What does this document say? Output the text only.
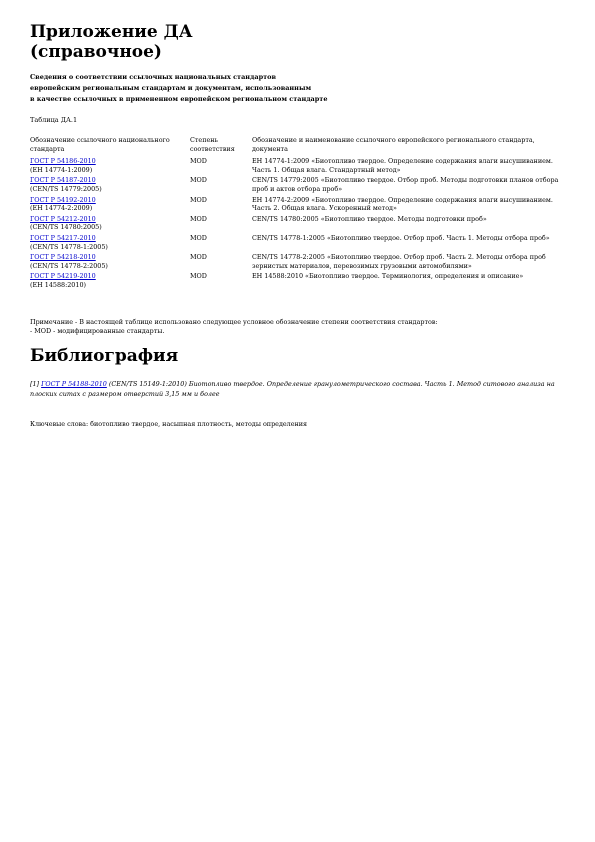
Приложение ДА
(справочное)
Сведения о соответствии ссылочных национальных стандартов
европейским региональным стандартам и документам, использованным
в качестве ссылочных в примененном европейском региональном стандарте
Таблица ДА.1
Обозначение ссылочного национального стандарта	Степень соответствия	Обозначение и наименование ссылочного европейского регионального стандарта, документа

ГОСТ Р 54186-2010
(ЕН 14774-1:2009)	MOD	ЕН 14774-1:2009 «Биотопливо твердое. Определение содержания влаги высушиванием. Часть 1. Общая влага. Стандартный метод»

ГОСТ Р 54187-2010
(CEN/TS 14779:2005)	MOD	CEN/TS 14779:2005 «Биотопливо твердое. Отбор проб. Методы подготовки планов отбора проб и актов отбора проб»

ГОСТ Р 54192-2010
(ЕН 14774-2:2009)	MOD	ЕН 14774-2:2009 «Биотопливо твердое. Определение содержания влаги высушиванием. Часть 2. Общая влага. Ускоренный метод»

ГОСТ Р 54212-2010
(CEN/TS 14780:2005)	MOD	CEN/TS 14780:2005 «Биотопливо твердое. Методы подготовки проб»

ГОСТ Р 54217-2010
(CEN/TS 14778-1:2005)	MOD	CEN/TS 14778-1:2005 «Биотопливо твердое. Отбор проб. Часть 1. Методы отбора проб»

ГОСТ Р 54218-2010
(CEN/TS 14778-2:2005)	MOD	CEN/TS 14778-2:2005 «Биотопливо твердое. Отбор проб. Часть 2. Методы отбора проб зернистых материалов, перевозимых грузовыми автомобилями»

ГОСТ Р 54219-2010
(ЕН 14588:2010)	MOD	ЕН 14588:2010 «Биотопливо твердое. Терминология, определения и описание»
Примечание - В настоящей таблице использовано следующее условное обозначение степени соответствия стандартов:
- MOD - модифицированные стандарты.
Библиография
[1] ГОСТ Р 54188-2010 (CEN/TS 15149-1:2010) Биотопливо твердое. Определение гранулометрического состава. Часть 1. Метод ситового анализа на плоских ситах с размером отверстий 3,15 мм и более
Ключевые слова: биотопливо твердое, насыпная плотность, методы определения
